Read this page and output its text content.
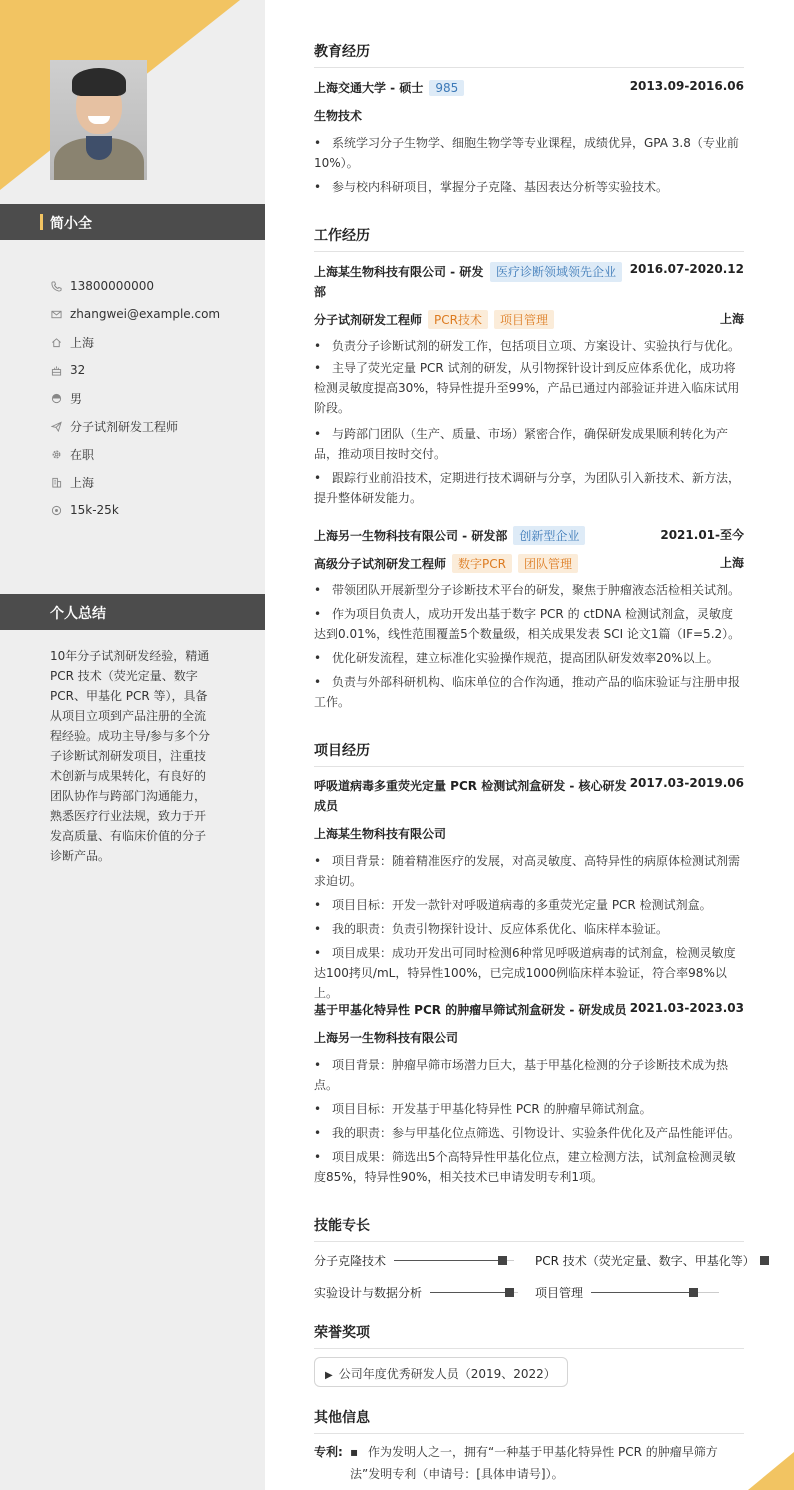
简小全
13800000000
zhangwei@example.com
上海
32
男
分子试剂研发工程师
在职
上海
15k-25k
个人总结
10年分子试剂研发经验，精通PCR 技术（荧光定量、数字PCR、甲基化 PCR 等），具备从项目立项到产品注册的全流程经验。成功主导/参与多个分子诊断试剂研发项目，注重技术创新与成果转化，有良好的团队协作与跨部门沟通能力，熟悉医疗行业法规，致力于开发高质量、有临床价值的分子诊断产品。
教育经历
上海交通大学 - 硕士 985	2013.09-2016.06
生物技术
• 系统学习分子生物学、细胞生物学等专业课程，成绩优异，GPA 3.8（专业前10%）。
• 参与校内科研项目，掌握分子克隆、基因表达分析等实验技术。
工作经历
上海某生物科技有限公司 - 研发部
医疗诊断领域领先企业	2016.07-2020.12
分子试剂研发工程师 PCR技术 项目管理	上海
• 负责分子诊断试剂的研发工作，包括项目立项、方案设计、实验执行与优化。
• 主导了荧光定量 PCR 试剂的研发，从引物探针设计到反应体系优化，成功将检测灵敏度提高30%，特异性提升至99%，产品已通过内部验证并进入临床试用阶段。
• 与跨部门团队（生产、质量、市场）紧密合作，确保研发成果顺利转化为产品，推动项目按时交付。
• 跟踪行业前沿技术，定期进行技术调研与分享，为团队引入新技术、新方法，提升整体研发能力。
上海另一生物科技有限公司 - 研发部 创新型企业	2021.01-至今
高级分子试剂研发工程师 数字PCR 团队管理	上海
• 带领团队开展新型分子诊断技术平台的研发，聚焦于肿瘤液态活检相关试剂。
• 作为项目负责人，成功开发出基于数字 PCR 的 ctDNA 检测试剂盒，灵敏度达到0.01%，线性范围覆盖5个数量级，相关成果发表 SCI 论文1篇（IF=5.2）。
• 优化研发流程，建立标准化实验操作规范，提高团队研发效率20%以上。
• 负责与外部科研机构、临床单位的合作沟通，推动产品的临床验证与注册申报工作。
项目经历
呼吸道病毒多重荧光定量 PCR 检测试剂盒研发 - 核心研发成员
2017.03-2019.06
上海某生物科技有限公司
• 项目背景：随着精准医疗的发展，对高灵敏度、高特异性的病原体检测试剂需求迫切。
• 项目目标：开发一款针对呼吸道病毒的多重荧光定量 PCR 检测试剂盒。
• 我的职责：负责引物探针设计、反应体系优化、临床样本验证。
• 项目成果：成功开发出可同时检测6种常见呼吸道病毒的试剂盒，检测灵敏度达100拷贝/mL，特异性100%，已完成1000例临床样本验证，符合率98%以上。
基于甲基化特异性 PCR 的肿瘤早筛试剂盒研发 - 研发成员 2021.03-2023.03
上海另一生物科技有限公司
• 项目背景：肿瘤早筛市场潜力巨大，基于甲基化检测的分子诊断技术成为热点。
• 项目目标：开发基于甲基化特异性 PCR 的肿瘤早筛试剂盒。
• 我的职责：参与甲基化位点筛选、引物设计、实验条件优化及产品性能评估。
• 项目成果：筛选出5个高特异性甲基化位点，建立检测方法，试剂盒检测灵敏度85%，特异性90%，相关技术已申请发明专利1项。
技能专长
分子克隆技术	PCR 技术（荧光定量、数字、甲基化等）
实验设计与数据分析	项目管理
荣誉奖项
▶ 公司年度优秀研发人员（2019、2022）
其他信息
专利: ▪ 作为发明人之一，拥有“一种基于甲基化特异性 PCR 的肿瘤早筛方法”发明专利（申请号：[具体申请号]）。
